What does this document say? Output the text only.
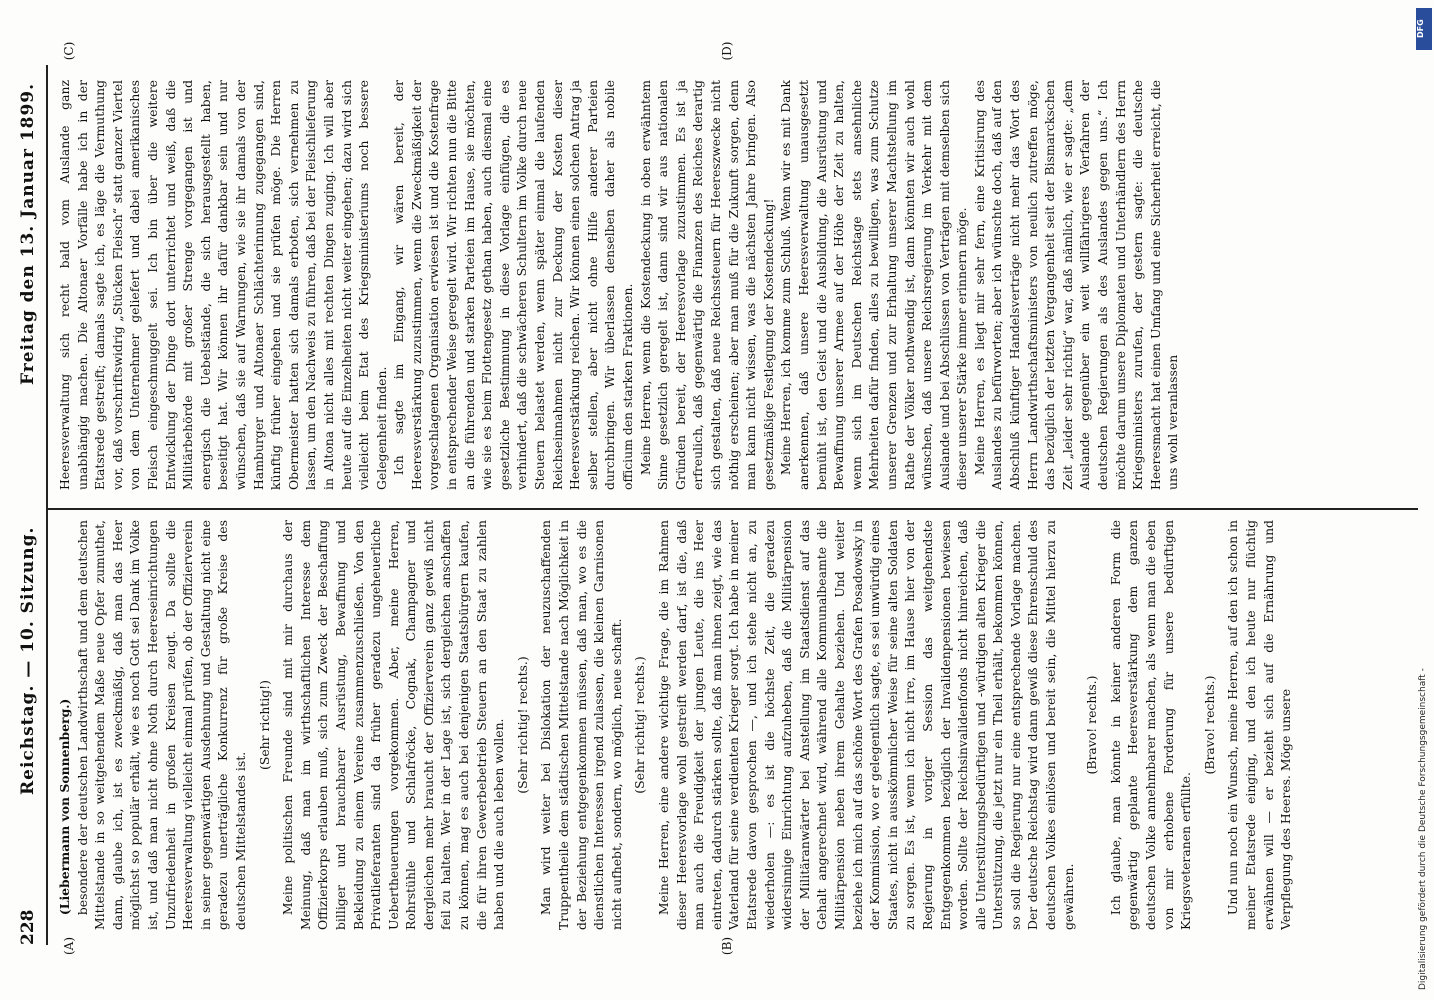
228
Reichstag. — 10. Sitzung.
Freitag den 13. Januar 1899.
(A)	(B)
(C)	(D)

(Liebermann von Sonnenberg.) besondere der deutschen Landwirthschaft und dem deutschen Mittelstande in so weitgehendem Maße neue Opfer zumuthet, dann, glaube ich, ist es zweckmäßig, daß man das Heer möglichst so populär erhält, wie es noch Gott sei Dank im Volke ist, und daß man nicht ohne Noth durch Heereseinrichtungen Unzufriedenheit in großen Kreisen zeugt. Da sollte die Heeresverwaltung vielleicht einmal prüfen, ob der Offizierverein in seiner gegenwärtigen Ausdehnung und Gestaltung nicht eine geradezu unerträgliche Konkurrenz für große Kreise des deutschen Mittelstandes ist.

(Sehr richtig!) Meine politischen Freunde sind mit mir durchaus der Meinung, daß man im wirthschaftlichen Interesse dem Offizierkorps erlauben muß, sich zum Zweck der Beschaffung billiger und brauchbarer Ausrüstung, Bewaffnung und Bekleidung zu einem Vereine zusammenzuschließen. Von den Privatlieferanten sind da früher geradezu ungeheuerliche Uebertheuerungen vorgekommen. Aber, meine Herren, Rohrstühle und Schlafröcke, Cognak, Champagner und dergleichen mehr braucht der Offizierverein ganz gewiß nicht feil zu halten. Wer in der Lage ist, sich dergleichen anschaffen zu können, mag es auch bei denjenigen Staatsbürgern kaufen, die für ihren Gewerbebetrieb Steuern an den Staat zu zahlen haben und die auch leben wollen. (Sehr richtig! rechts.) Man wird weiter bei Dislokation der neuzuschaffenden Truppentheile dem städtischen Mittelstande nach Möglichkeit in der Beziehung entgegenkommen müssen, daß man, wo es die dienstlichen Interessen irgend zulassen, die kleinen Garnisonen nicht aufhebt, sondern, wo möglich, neue schafft. (Sehr richtig! rechts.) Meine Herren, eine andere wichtige Frage, die im Rahmen dieser Heeresvorlage wohl gestreift werden darf, ist die, daß man auch die Freudigkeit der jungen Leute, die ins Heer eintreten, dadurch stärken sollte, daß man ihnen zeigt, wie das Vaterland für seine verdienten Krieger sorgt. Ich habe in meiner Etatsrede davon gesprochen —, und ich stehe nicht an, zu wiederholen —: es ist die höchste Zeit, die geradezu widersinnige Einrichtung aufzuheben, daß die Militärpension der Militäranwärter bei Anstellung im Staatsdienst auf das Gehalt angerechnet wird, während alle Kommunalbeamte die Militärpension neben ihrem Gehalte beziehen. Und weiter beziehe ich mich auf das schöne Wort des Grafen Posadowsky in der Kommission, wo er gelegentlich sagte, es sei unwürdig eines Staates, nicht in ausskömmlicher Weise für seine alten Soldaten zu sorgen. Es ist, wenn ich nicht irre, im Hause hier von der Regierung in voriger Session das weitgehendste Entgegenkommen bezüglich der Invalidenpensionen bewiesen worden. Sollte der Reichsinvalidenfonds nicht hinreichen, daß alle Unterstützungsbedürftigen und -würdigen alten Krieger die Unterstützung, die jetzt nur ein Theil erhält, bekommen können, so soll die Regierung nur eine entsprechende Vorlage machen. Der deutsche Reichstag wird dann gewiß diese Ehrenschuld des deutschen Volkes einlösen und bereit sein, die Mittel hierzu zu gewähren.

(Bravo! rechts.) Ich glaube, man könnte in keiner anderen Form die gegenwärtig geplante Heeresverstärkung dem ganzen deutschen Volke annehmbarer machen, als wenn man die eben von mir erhobene Forderung für unsere bedürftigen Kriegsveteranen erfüllte.

(Bravo! rechts.) Und nun noch ein Wunsch, meine Herren, auf den ich schon in meiner Etatsrede einging, und den ich heute nur flüchtig erwähnen will — er bezieht sich auf die Ernährung und Verpflegung des Heeres. Möge unsere

Heeresverwaltung sich recht bald vom Auslande ganz unabhängig machen. Die Altonaer Vorfälle habe ich in der Etatsrede gestreift; damals sagte ich, es läge die Vermuthung vor, daß vorschriftswidrig „Stücken Fleisch“ statt ganzer Viertel von dem Unternehmer geliefert und dabei amerikanisches Fleisch eingeschmuggelt sei. Ich bin über die weitere Entwicklung der Dinge dort unterrichtet und weiß, daß die Militärbehörde mit großer Strenge vorgegangen ist und energisch die Uebelstände, die sich herausgestellt haben, beseitigt hat. Wir können ihr dafür dankbar sein und nur wünschen, daß sie auf Warnungen, wie sie ihr damals von der Hamburger und Altonaer Schlächterinnung zugegangen sind, künftig früher eingehen und sie prüfen möge. Die Herren Obermeister hatten sich damals erboten, sich vernehmen zu lassen, um den Nachweis zu führen, daß bei der Fleischlieferung in Altona nicht alles mit rechten Dingen zuging. Ich will aber heute auf die Einzelheiten nicht weiter eingehen; dazu wird sich vielleicht beim Etat des Kriegsministeriums noch bessere Gelegenheit finden. Ich sagte im Eingang, wir wären bereit, der Heeresverstärkung zuzustimmen, wenn die Zweckmäßigkeit der vorgeschlagenen Organisation erwiesen ist und die Kostenfrage in entsprechender Weise geregelt wird. Wir richten nun die Bitte an die führenden und starken Parteien im Hause, sie möchten, wie sie es beim Flottengesetz gethan haben, auch diesmal eine gesetzliche Bestimmung in diese Vorlage einfügen, die es verhindert, daß die schwächeren Schultern im Volke durch neue Steuern belastet werden, wenn später einmal die laufenden Reichseinnahmen nicht zur Deckung der Kosten dieser Heeresverstärkung reichen. Wir können einen solchen Antrag ja selber stellen, aber nicht ohne Hilfe anderer Parteien durchbringen. Wir überlassen denselben daher als nobile officium den starken Fraktionen. Meine Herren, wenn die Kostendeckung in oben erwähntem Sinne gesetzlich geregelt ist, dann sind wir aus nationalen Gründen bereit, der Heeresvorlage zuzustimmen. Es ist ja erfreulich, daß gegenwärtig die Finanzen des Reiches derartig sich gestalten, daß neue Reichssteuern für Heereszwecke nicht nöthig erscheinen; aber man muß für die Zukunft sorgen, denn man kann nicht wissen, was die nächsten Jahre bringen. Also gesetzmäßige Festlegung der Kostendeckung! Meine Herren, ich komme zum Schluß. Wenn wir es mit Dank anerkennen, daß unsere Heeresverwaltung unausgesetzt bemüht ist, den Geist und die Ausbildung, die Ausrüstung und Bewaffnung unserer Armee auf der Höhe der Zeit zu halten, wenn sich im Deutschen Reichstage stets ansehnliche Mehrheiten dafür finden, alles zu bewilligen, was zum Schutze unserer Grenzen und zur Erhaltung unserer Machtstellung im Rathe der Völker nothwendig ist, dann könnten wir auch wohl wünschen, daß unsere Reichsregierung im Verkehr mit dem Auslande und bei Abschlüssen von Verträgen mit demselben sich dieser unserer Stärke immer erinnern möge. Meine Herren, es liegt mir sehr fern, eine Kritisirung des Auslandes zu befürworten; aber ich wünschte doch, daß auf den Abschluß künftiger Handelsverträge nicht mehr das Wort des Herrn Landwirthschaftsministers von neulich zutreffen möge, das bezüglich der letzten Vergangenheit seit der Bismarckschen Zeit „leider sehr richtig“ war, daß nämlich, wie er sagte: „dem Auslande gegenüber ein weit willfährigeres Verfahren der deutschen Regierungen als des Auslandes gegen uns.“ Ich möchte darum unsere Diplomaten und Unterhändlern des Herrn Kriegsministers zurufen, der gestern sagte: die deutsche Heeresmacht hat einen Umfang und eine Sicherheit erreicht, die uns wohl veranlassen

Digitalisierung gefördert durch die Deutsche Forschungsgemeinschaft -
DFG
